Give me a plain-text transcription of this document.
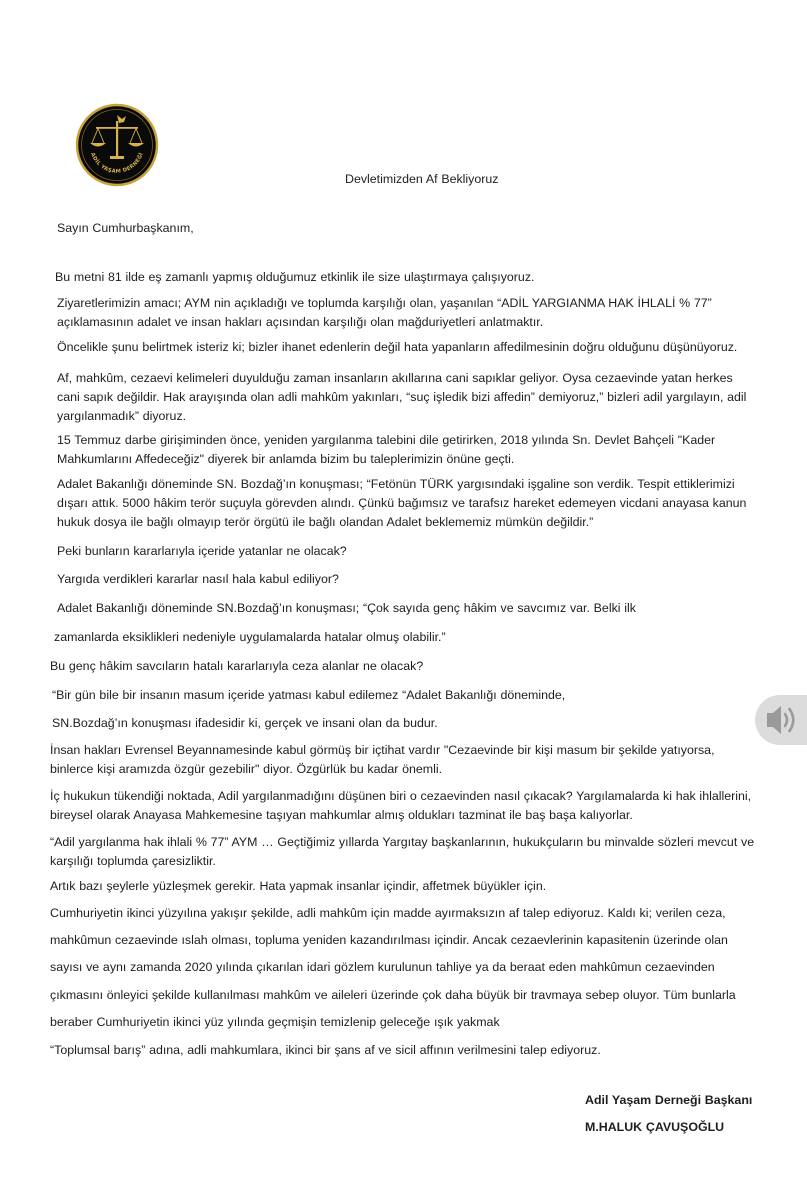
ADİL YAŞAM DERNEĞİ

Devletimizden Af Bekliyoruz

Sayın Cumhurbaşkanım,

Bu metni 81 ilde eş zamanlı yapmış olduğumuz etkinlik ile size ulaştırmaya çalışıyoruz.

Ziyaretlerimizin amacı; AYM nin açıkladığı ve toplumda karşılığı olan, yaşanılan “ADİL YARGIANMA HAK İHLALİ % 77” açıklamasının adalet ve insan hakları açısından karşılığı olan mağduriyetleri anlatmaktır.

Öncelikle şunu belirtmek isteriz ki; bizler ihanet edenlerin değil hata yapanların affedilmesinin doğru olduğunu düşünüyoruz.

Af, mahkûm, cezaevi kelimeleri duyulduğu zaman insanların akıllarına cani sapıklar geliyor. Oysa cezaevinde yatan herkes cani sapık değildir. Hak arayışında olan adli mahkûm yakınları, “suç işledik bizi affedin” demiyoruz,” bizleri adil yargılayın, adil yargılanmadık” diyoruz.

15 Temmuz darbe girişiminden önce, yeniden yargılanma talebini dile getirirken, 2018 yılında Sn. Devlet Bahçeli "Kader Mahkumlarını Affedeceğiz" diyerek bir anlamda bizim bu taleplerimizin önüne geçti.

Adalet Bakanlığı döneminde SN. Bozdağ’ın konuşması; “Fetönün TÜRK yargısındaki işgaline son verdik. Tespit ettiklerimizi dışarı attık. 5000 hâkim terör suçuyla görevden alındı. Çünkü bağımsız ve tarafsız hareket edemeyen vicdani anayasa kanun hukuk dosya ile bağlı olmayıp terör örgütü ile bağlı olandan Adalet beklememiz mümkün değildir.”

Peki bunların kararlarıyla içeride yatanlar ne olacak?

Yargıda verdikleri kararlar nasıl hala kabul ediliyor?

Adalet Bakanlığı döneminde SN.Bozdağ’ın konuşması; “Çok sayıda genç hâkim ve savcımız var. Belki ilk

zamanlarda eksiklikleri nedeniyle uygulamalarda hatalar olmuş olabilir.”

Bu genç hâkim savcıların hatalı kararlarıyla ceza alanlar ne olacak?

“Bir gün bile bir insanın masum içeride yatması kabul edilemez “Adalet Bakanlığı döneminde,

SN.Bozdağ’ın konuşması ifadesidir ki, gerçek ve insani olan da budur.

İnsan hakları Evrensel Beyannamesinde kabul görmüş bir içtihat vardır "Cezaevinde bir kişi masum bir şekilde yatıyorsa, binlerce kişi aramızda özgür gezebilir" diyor. Özgürlük bu kadar önemli.

İç hukukun tükendiği noktada, Adil yargılanmadığını düşünen biri o cezaevinden nasıl çıkacak? Yargılamalarda ki hak ihlallerini, bireysel olarak Anayasa Mahkemesine taşıyan mahkumlar almış oldukları tazminat ile baş başa kalıyorlar.

“Adil yargılanma hak ihlali % 77” AYM … Geçtiğimiz yıllarda Yargıtay başkanlarının, hukukçuların bu minvalde sözleri mevcut ve karşılığı toplumda çaresizliktir.

Artık bazı şeylerle yüzleşmek gerekir. Hata yapmak insanlar içindir, affetmek büyükler için.

Cumhuriyetin ikinci yüzyılına yakışır şekilde, adli mahkûm için madde ayırmaksızın af talep ediyoruz. Kaldı ki; verilen ceza,

mahkûmun cezaevinde ıslah olması, topluma yeniden kazandırılması içindir. Ancak cezaevlerinin kapasitenin üzerinde olan

sayısı ve aynı zamanda 2020 yılında çıkarılan idari gözlem kurulunun tahliye ya da beraat eden mahkûmun cezaevinden

çıkmasını önleyici şekilde kullanılması mahkûm ve aileleri üzerinde çok daha büyük bir travmaya sebep oluyor. Tüm bunlarla

beraber Cumhuriyetin ikinci yüz yılında geçmişin temizlenip geleceğe ışık yakmak

“Toplumsal barış” adına, adli mahkumlara, ikinci bir şans af ve sicil affının verilmesini talep ediyoruz.

Adil Yaşam Derneği Başkanı

M.HALUK ÇAVUŞOĞLU
